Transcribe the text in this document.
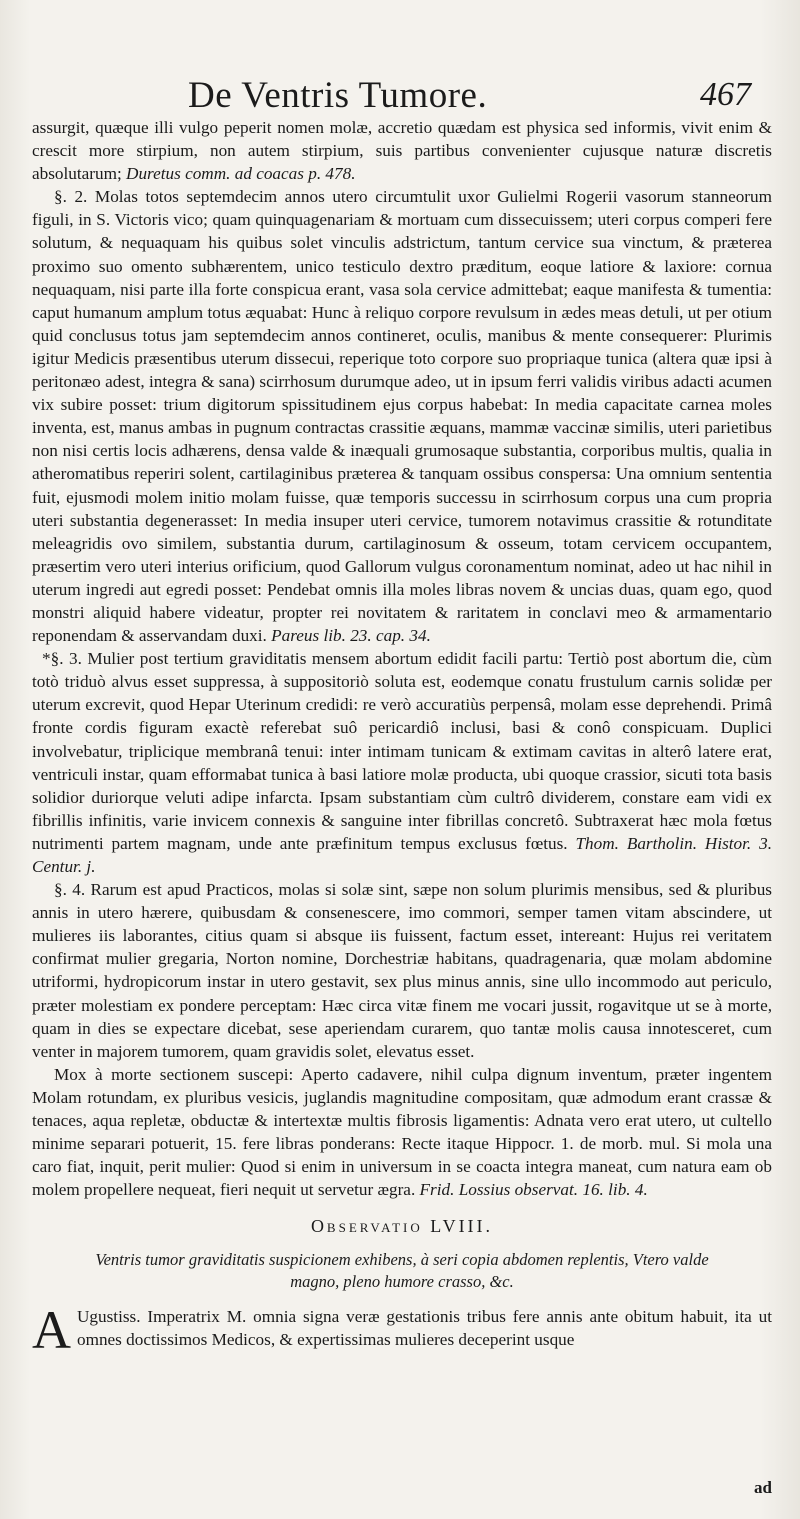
De Ventris Tumore.	467

assurgit, quæque illi vulgo peperit nomen molæ, accretio quædam est physica sed informis, vivit enim & crescit more stirpium, non autem stirpium, suis partibus convenienter cujusque naturæ discretis absolutarum; Duretus comm. ad coacas p. 478.

§. 2. Molas totos septemdecim annos utero circumtulit uxor Gulielmi Rogerii vasorum stanneorum figuli, in S. Victoris vico; quam quinquagenariam & mortuam cum dissecuissem; uteri corpus comperi fere solutum, & nequaquam his quibus solet vinculis adstrictum, tantum cervice sua vinctum, & præterea proximo suo omento subhærentem, unico testiculo dextro præditum, eoque latiore & laxiore: cornua nequaquam, nisi parte illa forte conspicua erant, vasa sola cervice admittebat; eaque manifesta & tumentia: caput humanum amplum totus æquabat: Hunc à reliquo corpore revulsum in ædes meas detuli, ut per otium quid conclusus totus jam septemdecim annos contineret, oculis, manibus & mente consequerer: Plurimis igitur Medicis præsentibus uterum dissecui, reperique toto corpore suo propriaque tunica (altera quæ ipsi à peritonæo adest, integra & sana) scirrhosum durumque adeo, ut in ipsum ferri validis viribus adacti acumen vix subire posset: trium digitorum spissitudinem ejus corpus habebat: In media capacitate carnea moles inventa, est, manus ambas in pugnum contractas crassitie æquans, mammæ vaccinæ similis, uteri parietibus non nisi certis locis adhærens, densa valde & inæquali grumosaque substantia, corporibus multis, qualia in atheromatibus reperiri solent, cartilaginibus præterea & tanquam ossibus conspersa: Una omnium sententia fuit, ejusmodi molem initio molam fuisse, quæ temporis successu in scirrhosum corpus una cum propria uteri substantia degenerasset: In media insuper uteri cervice, tumorem notavimus crassitie & rotunditate meleagridis ovo similem, substantia durum, cartilaginosum & osseum, totam cervicem occupantem, præsertim vero uteri interius orificium, quod Gallorum vulgus coronamentum nominat, adeo ut hac nihil in uterum ingredi aut egredi posset: Pendebat omnis illa moles libras novem & uncias duas, quam ego, quod monstri aliquid habere videatur, propter rei novitatem & raritatem in conclavi meo & armamentario reponendam & asservandam duxi. Pareus lib. 23. cap. 34.

*§. 3. Mulier post tertium graviditatis mensem abortum edidit facili partu: Tertiò post abortum die, cùm totò triduò alvus esset suppressa, à suppositoriò soluta est, eodemque conatu frustulum carnis solidæ per uterum excrevit, quod Hepar Uterinum credidi: re verò accuratiùs perpensâ, molam esse deprehendi. Primâ fronte cordis figuram exactè referebat suô pericardiô inclusi, basi & conô conspicuam. Duplici involvebatur, triplicique membranâ tenui: inter intimam tunicam & extimam cavitas in alterô latere erat, ventriculi instar, quam efformabat tunica à basi latiore molæ producta, ubi quoque crassior, sicuti tota basis solidior duriorque veluti adipe infarcta. Ipsam substantiam cùm cultrô dividerem, constare eam vidi ex fibrillis infinitis, varie invicem connexis & sanguine inter fibrillas concretô. Subtraxerat hæc mola fœtus nutrimenti partem magnam, unde ante præfinitum tempus exclusus fœtus. Thom. Bartholin. Histor. 3. Centur. j.

§. 4. Rarum est apud Practicos, molas si solæ sint, sæpe non solum plurimis mensibus, sed & pluribus annis in utero hærere, quibusdam & consenescere, imo commori, semper tamen vitam abscindere, ut mulieres iis laborantes, citius quam si absque iis fuissent, factum esset, intereant: Hujus rei veritatem confirmat mulier gregaria, Norton nomine, Dorchestriæ habitans, quadragenaria, quæ molam abdomine utriformi, hydropicorum instar in utero gestavit, sex plus minus annis, sine ullo incommodo aut periculo, præter molestiam ex pondere perceptam: Hæc circa vitæ finem me vocari jussit, rogavitque ut se à morte, quam in dies se expectare dicebat, sese aperiendam curarem, quo tantæ molis causa innotesceret, cum venter in majorem tumorem, quam gravidis solet, elevatus esset.

Mox à morte sectionem suscepi: Aperto cadavere, nihil culpa dignum inventum, præter ingentem Molam rotundam, ex pluribus vesicis, juglandis magnitudine compositam, quæ admodum erant crassæ & tenaces, aqua repletæ, obductæ & intertextæ multis fibrosis ligamentis: Adnata vero erat utero, ut cultello minime separari potuerit, 15. fere libras ponderans: Recte itaque Hippocr. 1. de morb. mul. Si mola una caro fiat, inquit, perit mulier: Quod si enim in universum in se coacta integra maneat, cum natura eam ob molem propellere nequeat, fieri nequit ut servetur ægra. Frid. Lossius observat. 16. lib. 4.

Observatio LVIII.
Ventris tumor graviditatis suspicionem exhibens, à seri copia abdomen replentis, Vtero valde magno, pleno humore crasso, &c.
A Ugustiss. Imperatrix M. omnia signa veræ gestationis tribus fere annis ante obitum habuit, ita ut omnes doctissimos Medicos, & expertissimas mulieres deceperint usque
ad
